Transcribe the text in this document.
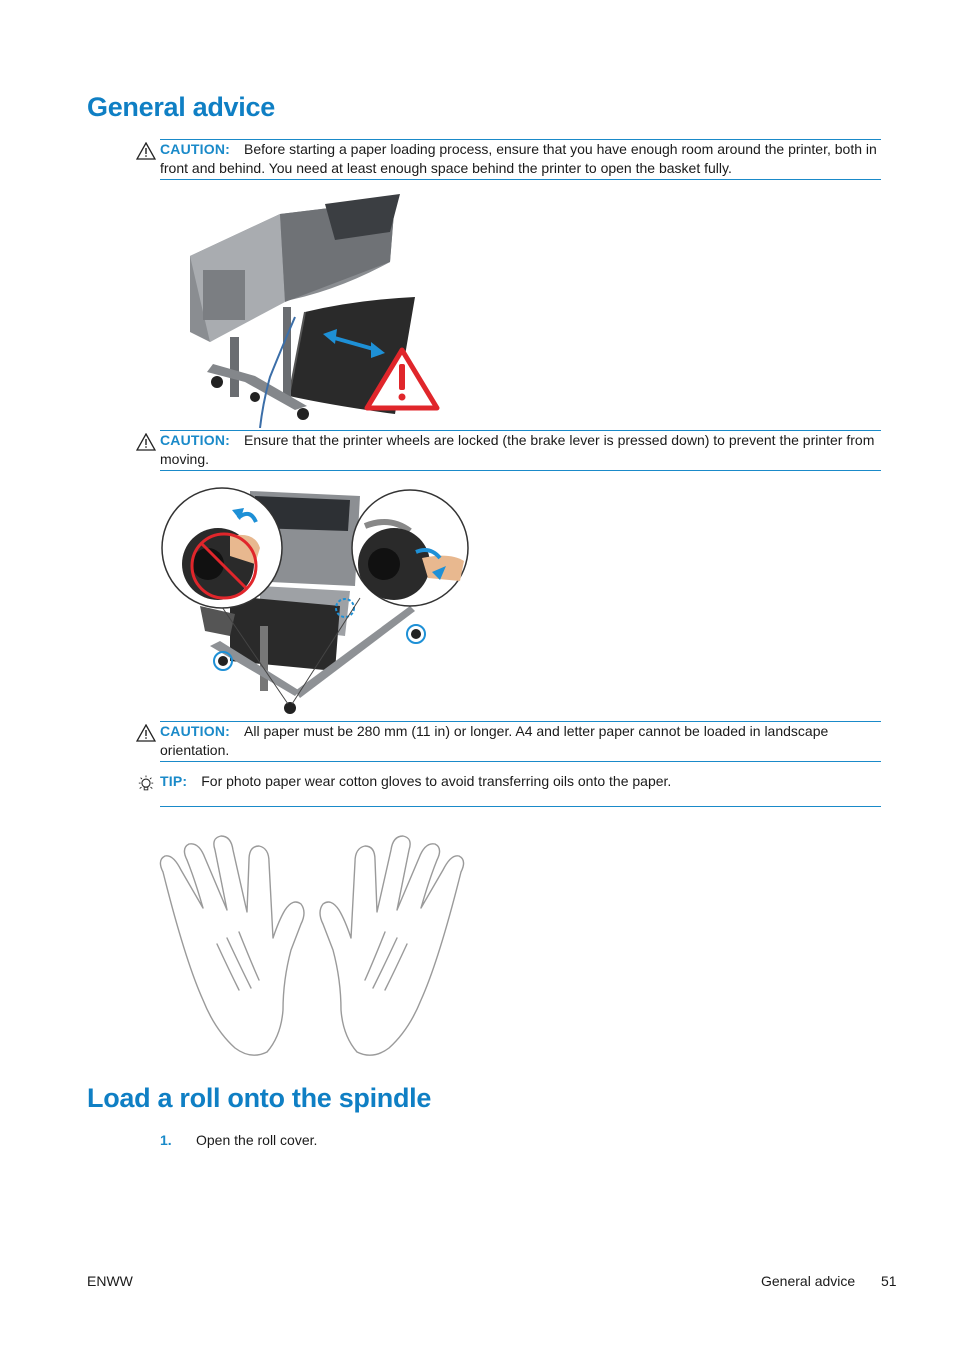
General advice
CAUTION: Before starting a paper loading process, ensure that you have enough room around the printer, both in front and behind. You need at least enough space behind the printer to open the basket fully.
CAUTION: Ensure that the printer wheels are locked (the brake lever is pressed down) to prevent the printer from moving.
CAUTION: All paper must be 280 mm (11 in) or longer. A4 and letter paper cannot be loaded in landscape orientation.
TIP: For photo paper wear cotton gloves to avoid transferring oils onto the paper.
Load a roll onto the spindle
1. Open the roll cover.
ENWW	General advice 51
